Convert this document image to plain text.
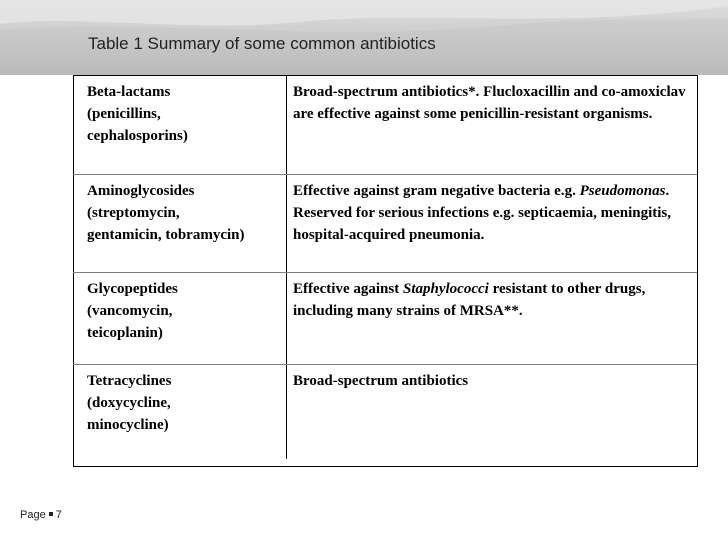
Table 1 Summary of some common antibiotics
Beta-lactams
(penicillins,
cephalosporins)	Broad-spectrum antibiotics*. Flucloxacillin and co-amoxiclav are effective against some penicillin-resistant organisms.

Aminoglycosides
(streptomycin,
gentamicin, tobramycin)	Effective against gram negative bacteria e.g. Pseudomonas. Reserved for serious infections e.g. septicaemia, meningitis, hospital-acquired pneumonia.

Glycopeptides
(vancomycin,
teicoplanin)	Effective against Staphylococci resistant to other drugs, including many strains of MRSA**.

Tetracyclines
(doxycycline,
minocycline)	Broad-spectrum antibiotics
Page 7
